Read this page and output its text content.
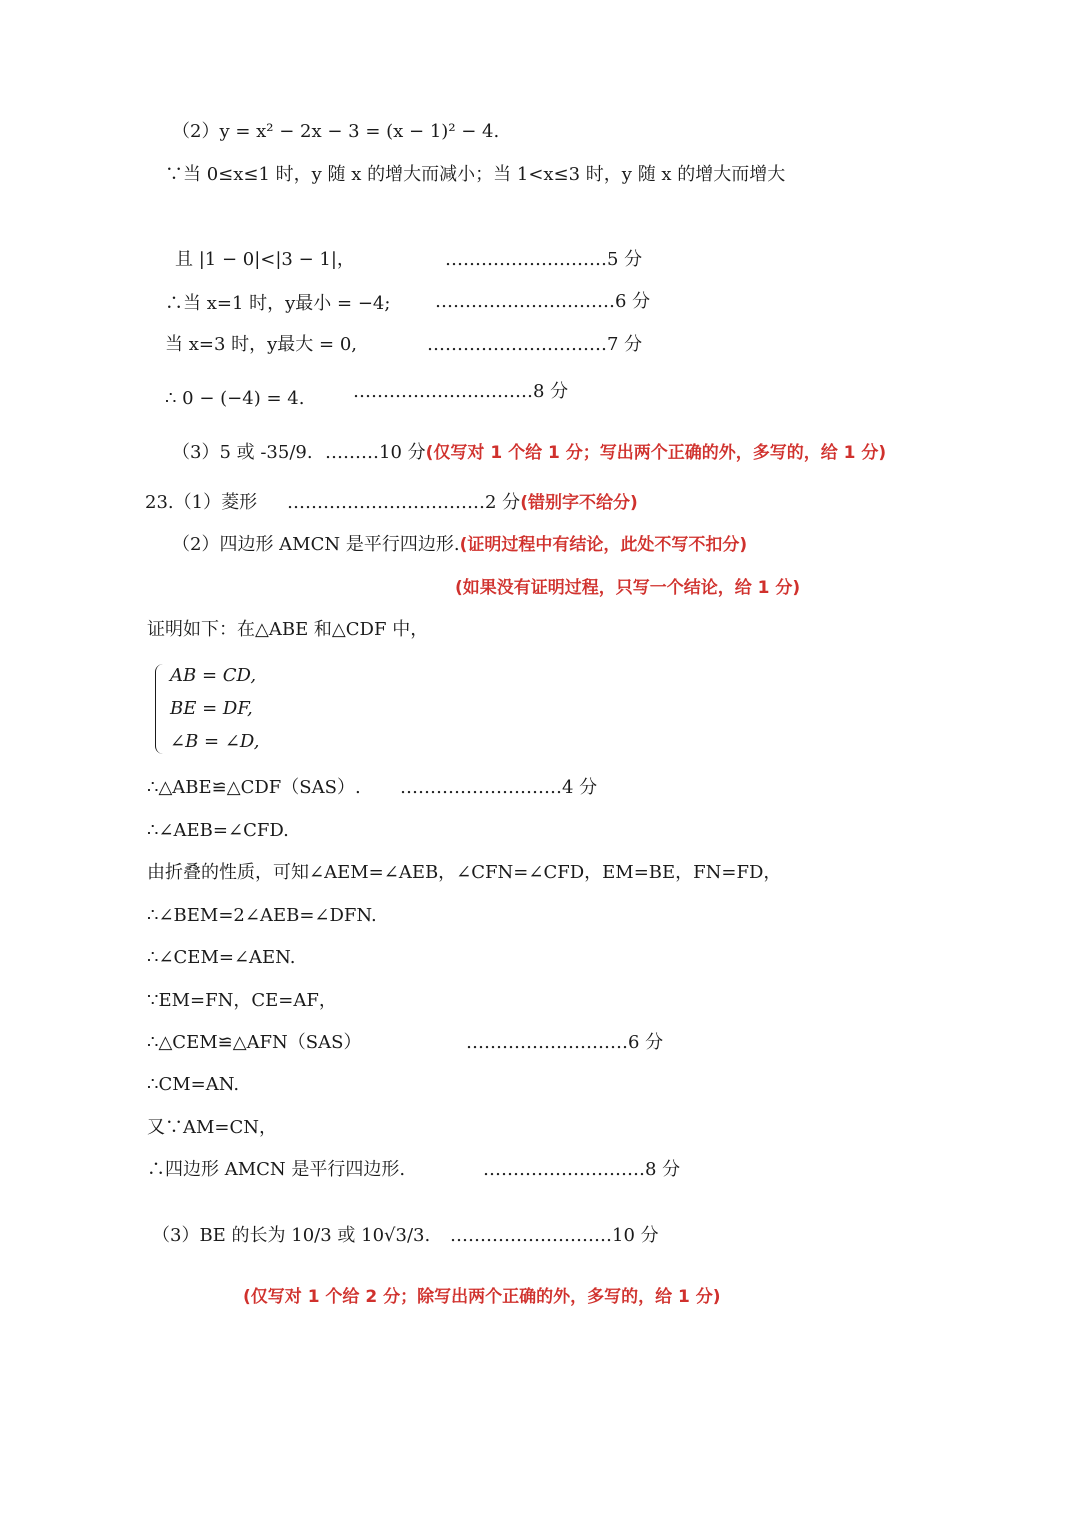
（2）y = x² − 2x − 3 = (x − 1)² − 4.
∵当 0≤x≤1 时，y 随 x 的增大而减小；当 1<x≤3 时，y 随 x 的增大而增大
且 |1 − 0|<|3 − 1|，	………………………5 分
∴当 x=1 时，y最小 = −4; …………………………6 分
当 x=3 时，y最大 = 0,	…………………………7 分
∴ 0 − (−4) = 4.	…………………………8 分
（3）5 或 -35/9. ………10 分(仅写对 1 个给 1 分；写出两个正确的外，多写的，给 1 分)
23.（1）菱形 ……………………………2 分(错别字不给分)
（2）四边形 AMCN 是平行四边形.(证明过程中有结论，此处不写不扣分)
(如果没有证明过程，只写一个结论，给 1 分)
证明如下：在△ABE 和△CDF 中，
AB = CD,
BE = DF,
∠B = ∠D,
∴△ABE≌△CDF（SAS）. ………………………4 分
∴∠AEB=∠CFD.
由折叠的性质，可知∠AEM=∠AEB，∠CFN=∠CFD，EM=BE，FN=FD，
∴∠BEM=2∠AEB=∠DFN.
∴∠CEM=∠AEN.
∵EM=FN，CE=AF，
∴△CEM≌△AFN（SAS）	………………………6 分
∴CM=AN.
又∵AM=CN，
∴四边形 AMCN 是平行四边形.	………………………8 分
（3）BE 的长为 10/3 或 10√3/3. ………………………10 分
(仅写对 1 个给 2 分；除写出两个正确的外，多写的，给 1 分)
